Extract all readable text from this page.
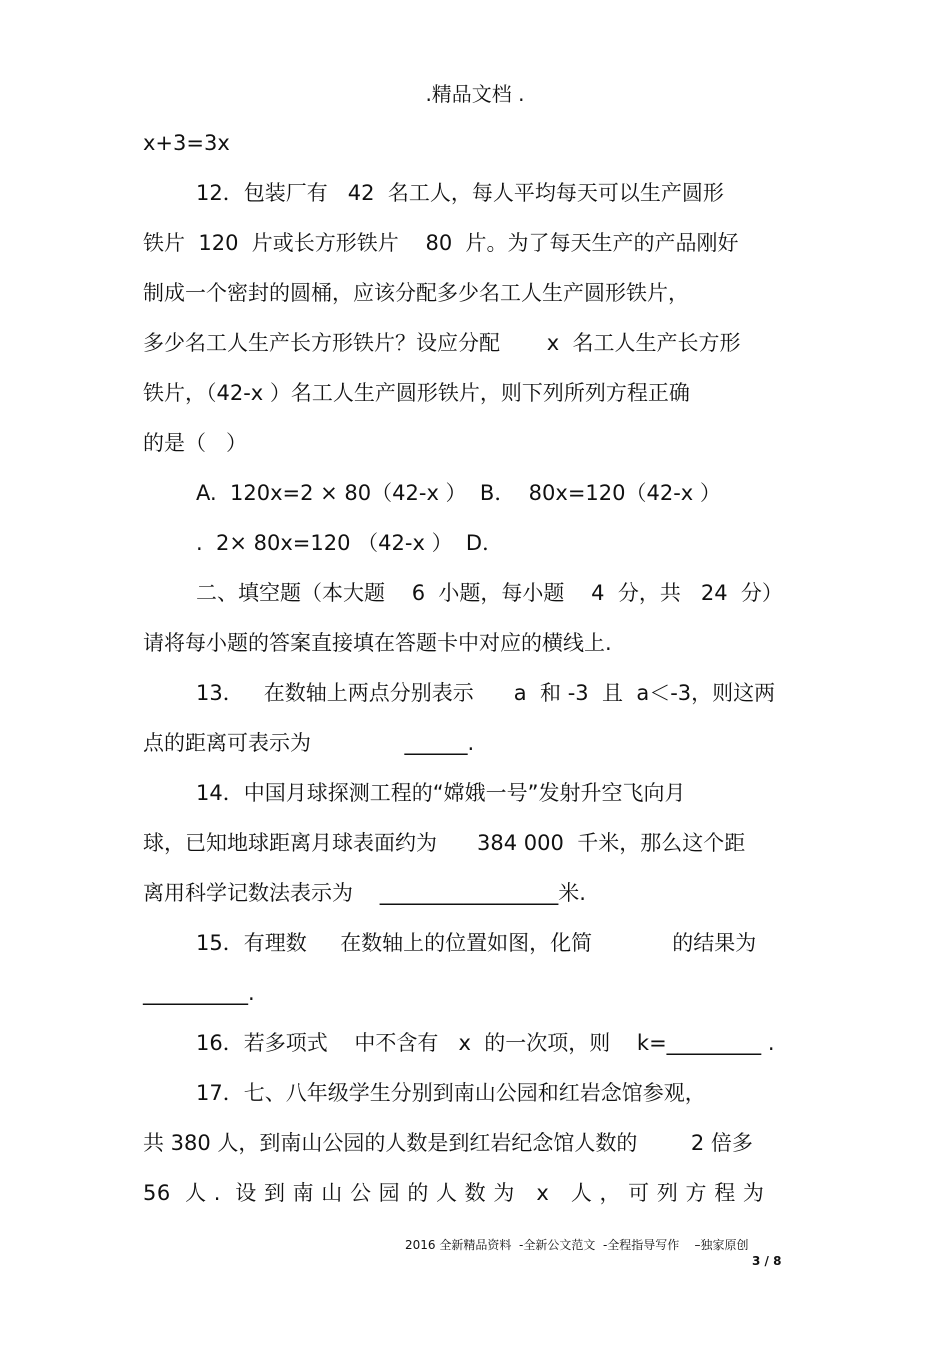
.精品文档 .
x+3=3x
12．包装厂有   42  名工人，每人平均每天可以生产圆形
铁片  120  片或长方形铁片    80  片。为了每天生产的产品刚好
制成一个密封的圆桶，应该分配多少名工人生产圆形铁片，
多少名工人生产长方形铁片？设应分配       x  名工人生产长方形
铁片，（42-x ）名工人生产圆形铁片，则下列所列方程正确
的是（   ）
A.  120x=2 × 80（42-x ）  B．  80x=120（42-x ）
.  2× 80x=120 （42-x ）  D．
二、填空题（本大题    6  小题，每小题    4  分，共   24  分）
请将每小题的答案直接填在答题卡中对应的横线上.
13．   在数轴上两点分别表示      a  和 -3  且  a＜-3，则这两
点的距离可表示为              ______.
14．中国月球探测工程的“嫦娥一号”发射升空飞向月
球，已知地球距离月球表面约为      384 000  千米，那么这个距
离用科学记数法表示为    _________________米.
15．有理数     在数轴上的位置如图，化简            的结果为
__________.
16．若多项式    中不含有   x  的一次项，则    k=_________ .
17．七、八年级学生分别到南山公园和红岩念馆参观，
共 380 人，到南山公园的人数是到红岩纪念馆人数的        2 倍多
56  人 .  设 到 南 山 公 园 的 人 数 为   x   人 ， 可 列 方 程 为
2016 全新精品资料  -全新公文范文  -全程指导写作    –独家原创
3 / 8
